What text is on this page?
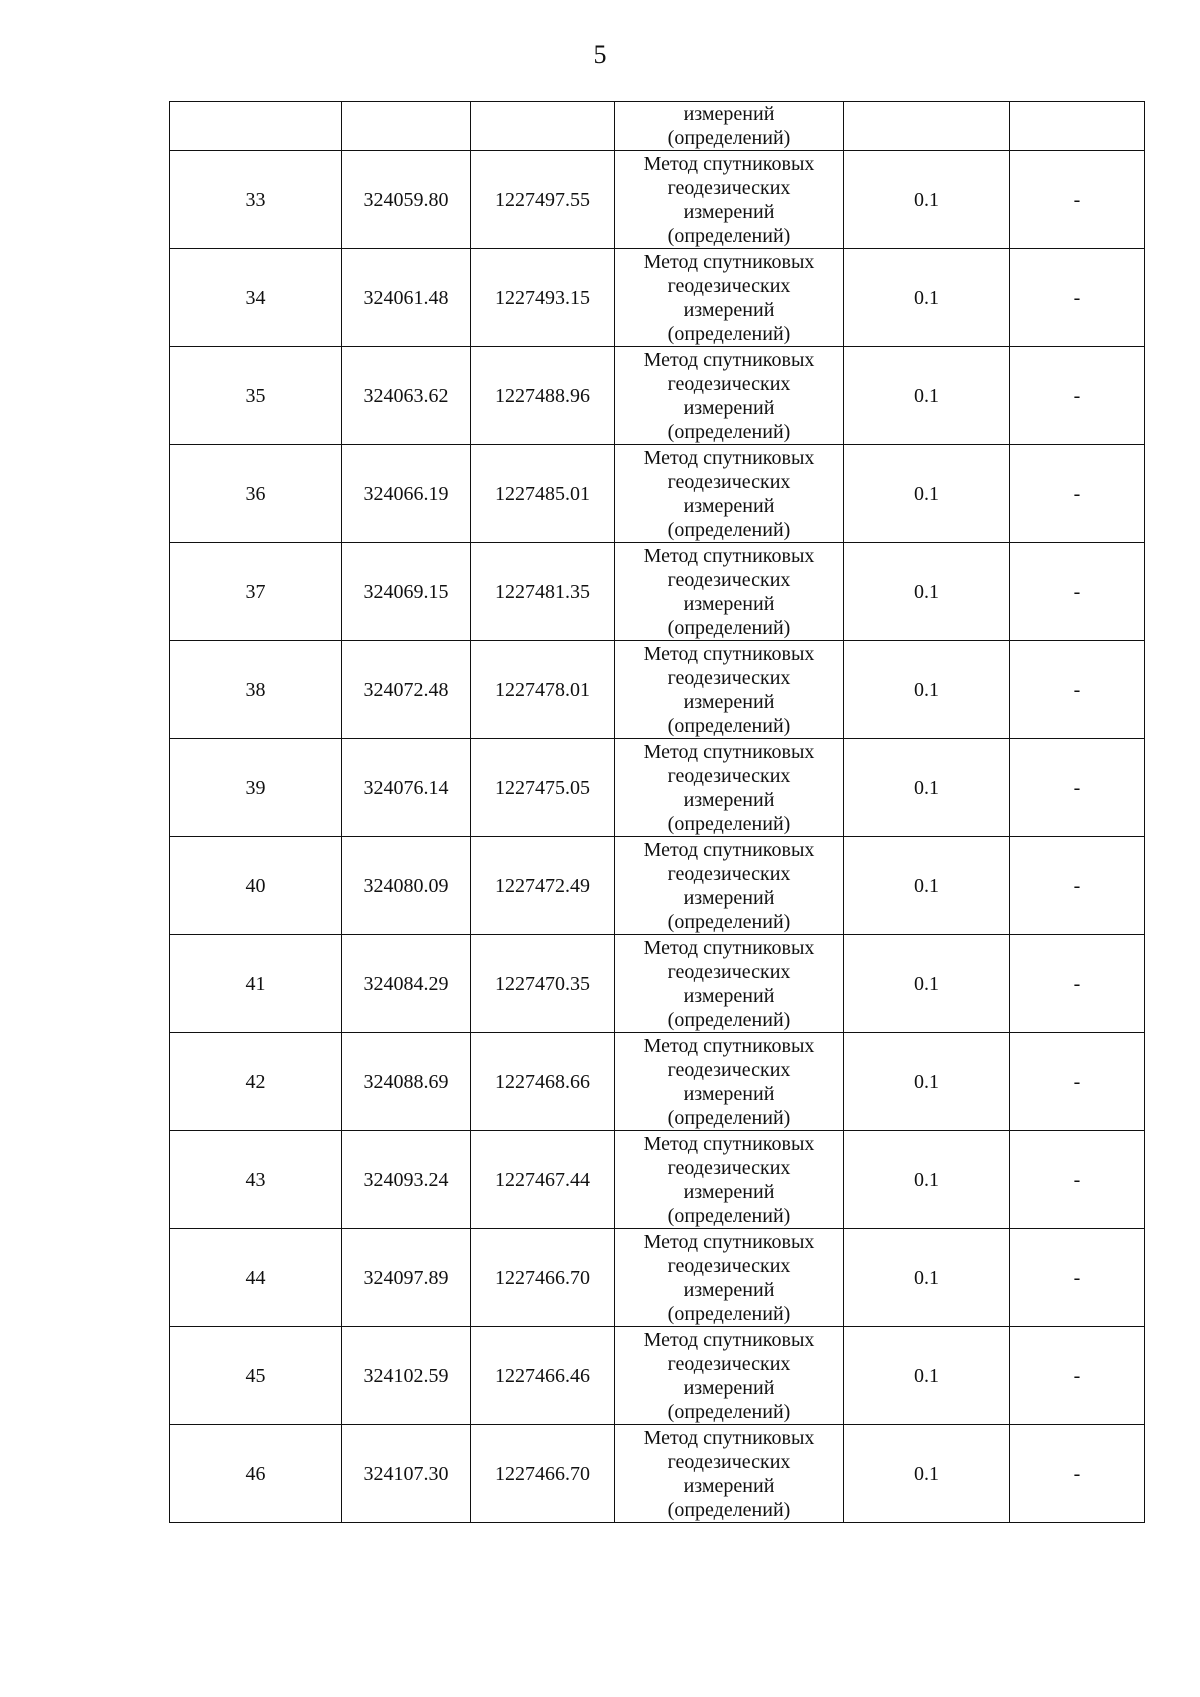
5
			измерений
(определений)		
33	324059.80	1227497.55	Метод спутниковых
геодезических
измерений
(определений)	0.1	-
34	324061.48	1227493.15	Метод спутниковых
геодезических
измерений
(определений)	0.1	-
35	324063.62	1227488.96	Метод спутниковых
геодезических
измерений
(определений)	0.1	-
36	324066.19	1227485.01	Метод спутниковых
геодезических
измерений
(определений)	0.1	-
37	324069.15	1227481.35	Метод спутниковых
геодезических
измерений
(определений)	0.1	-
38	324072.48	1227478.01	Метод спутниковых
геодезических
измерений
(определений)	0.1	-
39	324076.14	1227475.05	Метод спутниковых
геодезических
измерений
(определений)	0.1	-
40	324080.09	1227472.49	Метод спутниковых
геодезических
измерений
(определений)	0.1	-
41	324084.29	1227470.35	Метод спутниковых
геодезических
измерений
(определений)	0.1	-
42	324088.69	1227468.66	Метод спутниковых
геодезических
измерений
(определений)	0.1	-
43	324093.24	1227467.44	Метод спутниковых
геодезических
измерений
(определений)	0.1	-
44	324097.89	1227466.70	Метод спутниковых
геодезических
измерений
(определений)	0.1	-
45	324102.59	1227466.46	Метод спутниковых
геодезических
измерений
(определений)	0.1	-
46	324107.30	1227466.70	Метод спутниковых
геодезических
измерений
(определений)	0.1	-
